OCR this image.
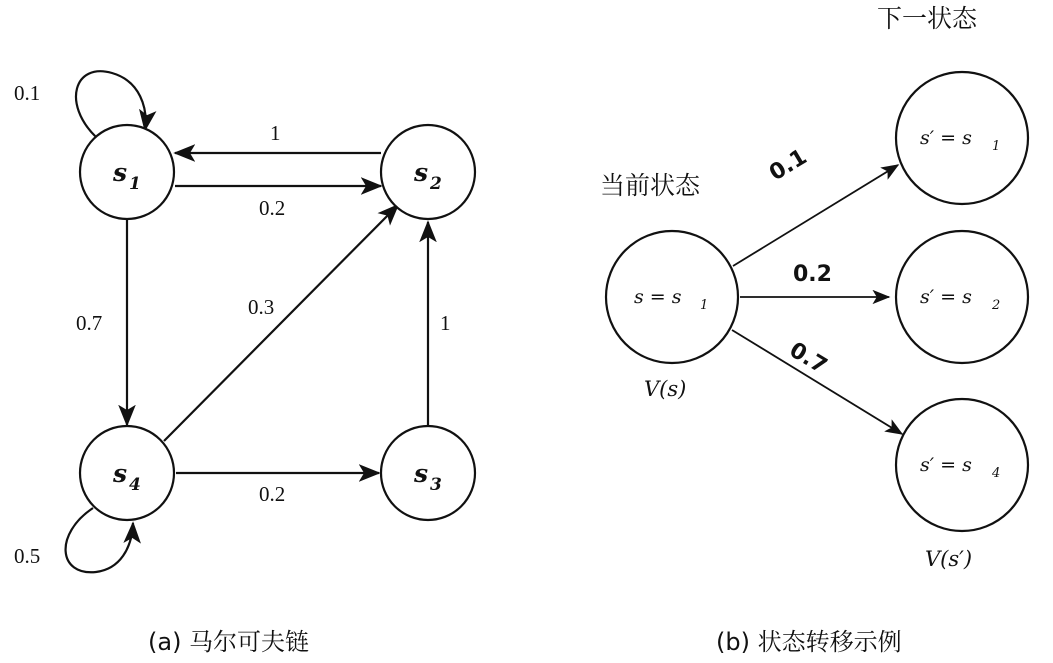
0.1
1
0.2
0.7
0.3
0.2
1
0.5
s 1	s 2
s 3
s 4
(a) 马尔可夫链
下一状态
当前状态	0.1
0.2
0.7
s = s 1
V(s)
s′ = s 1
s′ = s 2
s′ = s 4
V(s′)
(b) 状态转移示例
